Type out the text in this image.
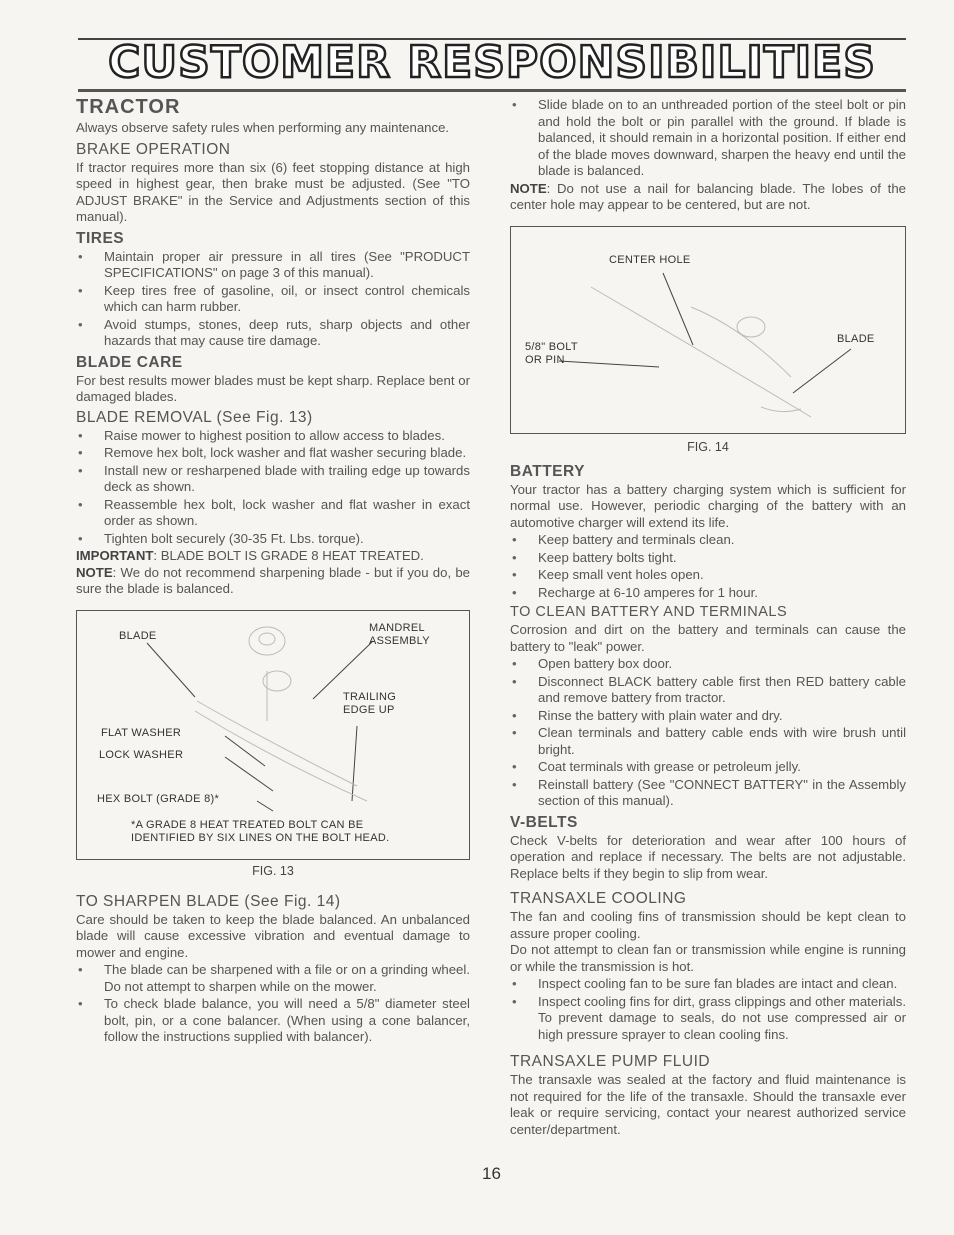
CUSTOMER RESPONSIBILITIES
TRACTOR

Always observe safety rules when performing any maintenance.

BRAKE OPERATION

If tractor requires more than six (6) feet stopping distance at high speed in highest gear, then brake must be adjusted. (See "TO ADJUST BRAKE" in the Service and Adjustments section of this manual).

TIRES
• Maintain proper air pressure in all tires (See "PRODUCT SPECIFICATIONS" on page 3 of this manual).
• Keep tires free of gasoline, oil, or insect control chemicals which can harm rubber.
• Avoid stumps, stones, deep ruts, sharp objects and other hazards that may cause tire damage.
BLADE CARE

For best results mower blades must be kept sharp. Replace bent or damaged blades.

BLADE REMOVAL (See Fig. 13)
• Raise mower to highest position to allow access to blades.
• Remove hex bolt, lock washer and flat washer securing blade.
• Install new or resharpened blade with trailing edge up towards deck as shown.
• Reassemble hex bolt, lock washer and flat washer in exact order as shown.
• Tighten bolt securely (30-35 Ft. Lbs. torque).

IMPORTANT: BLADE BOLT IS GRADE 8 HEAT TREATED.

NOTE: We do not recommend sharpening blade - but if you do, be sure the blade is balanced.

BLADE
MANDREL
ASSEMBLY
TRAILING
EDGE UP
FLAT WASHER
LOCK WASHER
HEX BOLT (GRADE 8)*
*A GRADE 8 HEAT TREATED BOLT CAN BE
IDENTIFIED BY SIX LINES ON THE BOLT HEAD.
FIG. 13
TO SHARPEN BLADE (See Fig. 14)

Care should be taken to keep the blade balanced. An unbalanced blade will cause excessive vibration and eventual damage to mower and engine.

• The blade can be sharpened with a file or on a grinding wheel. Do not attempt to sharpen while on the mower.
• To check blade balance, you will need a 5/8" diameter steel bolt, pin, or a cone balancer. (When using a cone balancer, follow the instructions supplied with balancer).
• Slide blade on to an unthreaded portion of the steel bolt or pin and hold the bolt or pin parallel with the ground. If blade is balanced, it should remain in a horizontal position. If either end of the blade moves downward, sharpen the heavy end until the blade is balanced.

NOTE: Do not use a nail for balancing blade. The lobes of the center hole may appear to be centered, but are not.

CENTER HOLE
5/8" BOLT
OR PIN
BLADE
FIG. 14
BATTERY

Your tractor has a battery charging system which is sufficient for normal use. However, periodic charging of the battery with an automotive charger will extend its life.

• Keep battery and terminals clean.
• Keep battery bolts tight.
• Keep small vent holes open.
• Recharge at 6-10 amperes for 1 hour.
TO CLEAN BATTERY AND TERMINALS

Corrosion and dirt on the battery and terminals can cause the battery to "leak" power.

• Open battery box door.
• Disconnect BLACK battery cable first then RED battery cable and remove battery from tractor.
• Rinse the battery with plain water and dry.
• Clean terminals and battery cable ends with wire brush until bright.
• Coat terminals with grease or petroleum jelly.
• Reinstall battery (See "CONNECT BATTERY" in the Assembly section of this manual).
V-BELTS

Check V-belts for deterioration and wear after 100 hours of operation and replace if necessary. The belts are not adjustable. Replace belts if they begin to slip from wear.

TRANSAXLE COOLING

The fan and cooling fins of transmission should be kept clean to assure proper cooling.

Do not attempt to clean fan or transmission while engine is running or while the transmission is hot.

• Inspect cooling fan to be sure fan blades are intact and clean.
• Inspect cooling fins for dirt, grass clippings and other materials. To prevent damage to seals, do not use compressed air or high pressure sprayer to clean cooling fins.
TRANSAXLE PUMP FLUID

The transaxle was sealed at the factory and fluid maintenance is not required for the life of the transaxle. Should the transaxle ever leak or require servicing, contact your nearest authorized service center/department.

16
